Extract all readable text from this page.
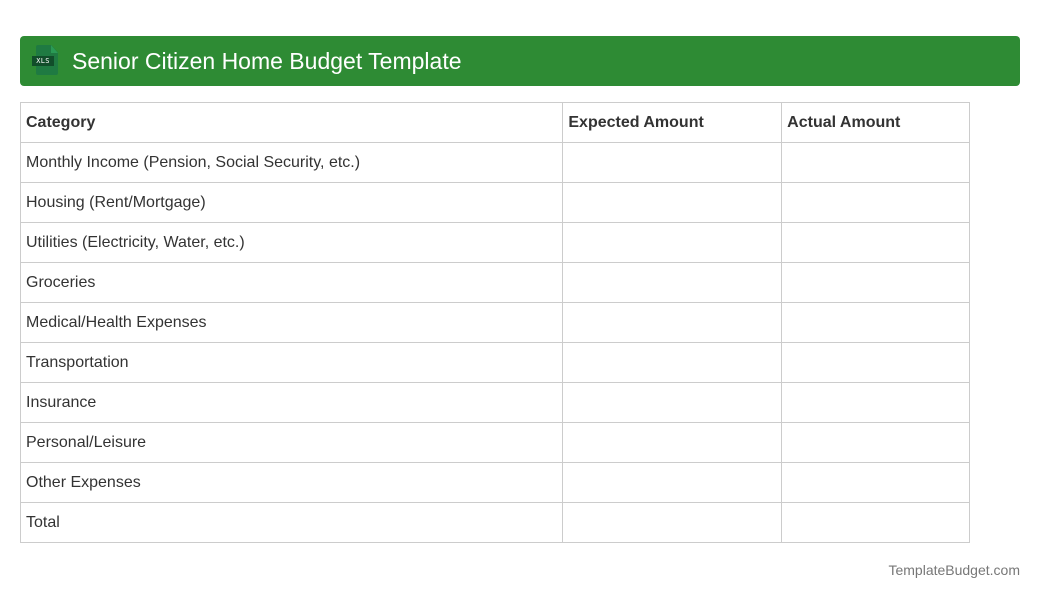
XLS Senior Citizen Home Budget Template
Category	Expected Amount	Actual Amount
Monthly Income (Pension, Social Security, etc.)		
Housing (Rent/Mortgage)		
Utilities (Electricity, Water, etc.)		
Groceries		
Medical/Health Expenses		
Transportation		
Insurance		
Personal/Leisure		
Other Expenses		
Total		
TemplateBudget.com
